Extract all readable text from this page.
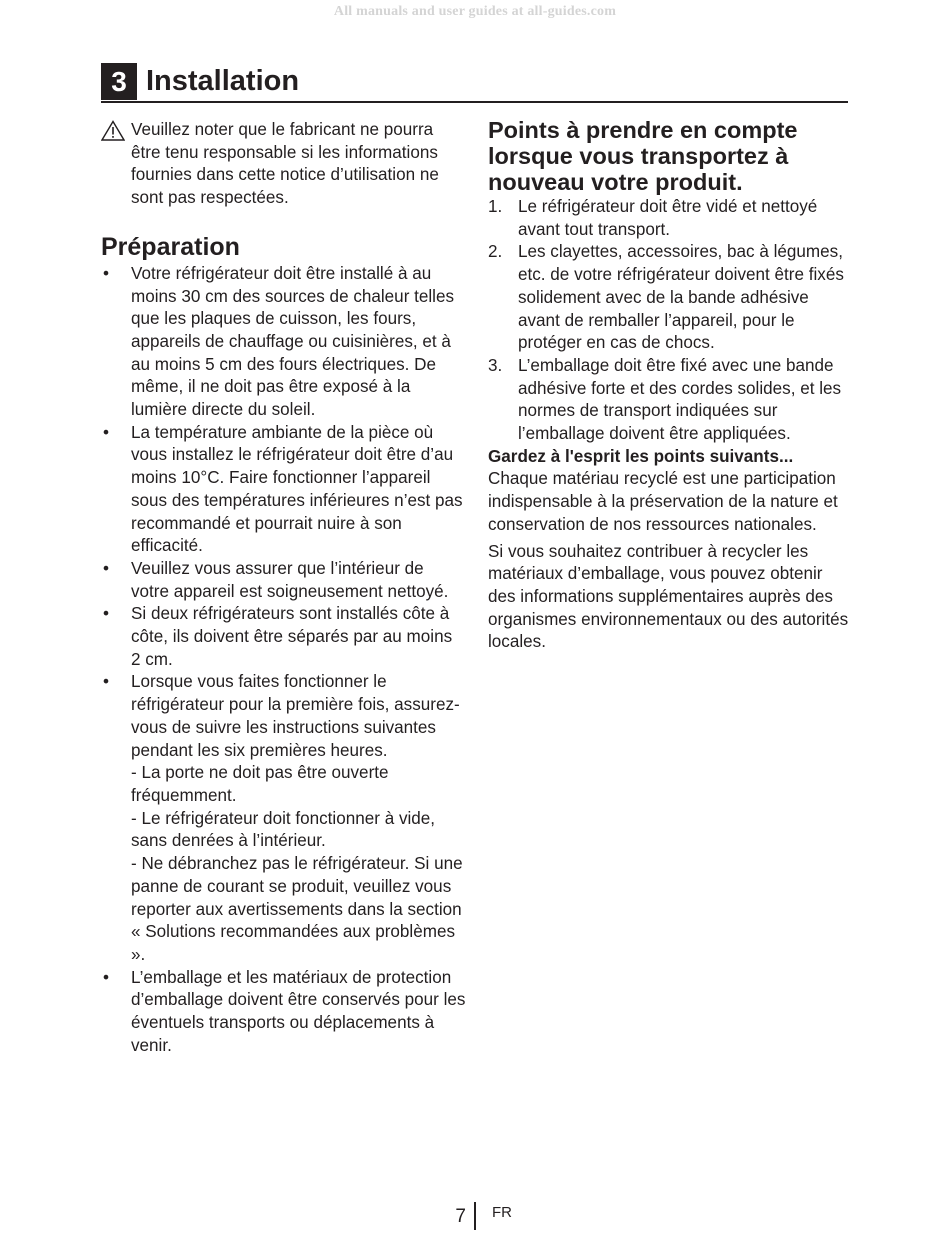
All manuals and user guides at all-guides.com
3 Installation

Veuillez noter que le fabricant ne pourra être tenu responsable si les informations fournies dans cette notice d’utilisation ne sont pas respectées.

Préparation
• Votre réfrigérateur doit être installé à au moins 30 cm des sources de chaleur telles que les plaques de cuisson, les fours, appareils de chauffage ou cuisinières, et à au moins 5 cm des fours électriques. De même, il ne doit pas être exposé à la lumière directe du soleil.
• La température ambiante de la pièce où vous installez le réfrigérateur doit être d’au moins 10°C. Faire fonctionner l’appareil sous des températures inférieures n’est pas recommandé et pourrait nuire à son efficacité.
• Veuillez vous assurer que l’intérieur de votre appareil est soigneusement nettoyé.
• Si deux réfrigérateurs sont installés côte à côte, ils doivent être séparés par au moins 2 cm.
• Lorsque vous faites fonctionner le réfrigérateur pour la première fois, assurez-vous de suivre les instructions suivantes pendant les six premières heures.
- La porte ne doit pas être ouverte fréquemment.
- Le réfrigérateur doit fonctionner à vide, sans denrées à l’intérieur.
- Ne débranchez pas le réfrigérateur. Si une panne de courant se produit, veuillez vous reporter aux avertissements dans la section « Solutions recommandées aux problèmes ».
• L’emballage et les matériaux de protection d’emballage doivent être conservés pour les éventuels transports ou déplacements à venir.
Points à prendre en compte lorsque vous transportez à nouveau votre produit.
1. Le réfrigérateur doit être vidé et nettoyé avant tout transport.
2. Les clayettes, accessoires, bac à légumes, etc. de votre réfrigérateur doivent être fixés solidement avec de la bande adhésive avant de remballer l’appareil, pour le protéger en cas de chocs.
3. L’emballage doit être fixé avec une bande adhésive forte et des cordes solides, et les normes de transport indiquées sur l’emballage doivent être appliquées.

Gardez à l'esprit les points suivants...

Chaque matériau recyclé est une participation indispensable à la préservation de la nature et conservation de nos ressources nationales.

Si vous souhaitez contribuer à recycler les matériaux d’emballage, vous pouvez obtenir des informations supplémentaires auprès des organismes environnementaux ou des autorités locales.

7 FR
